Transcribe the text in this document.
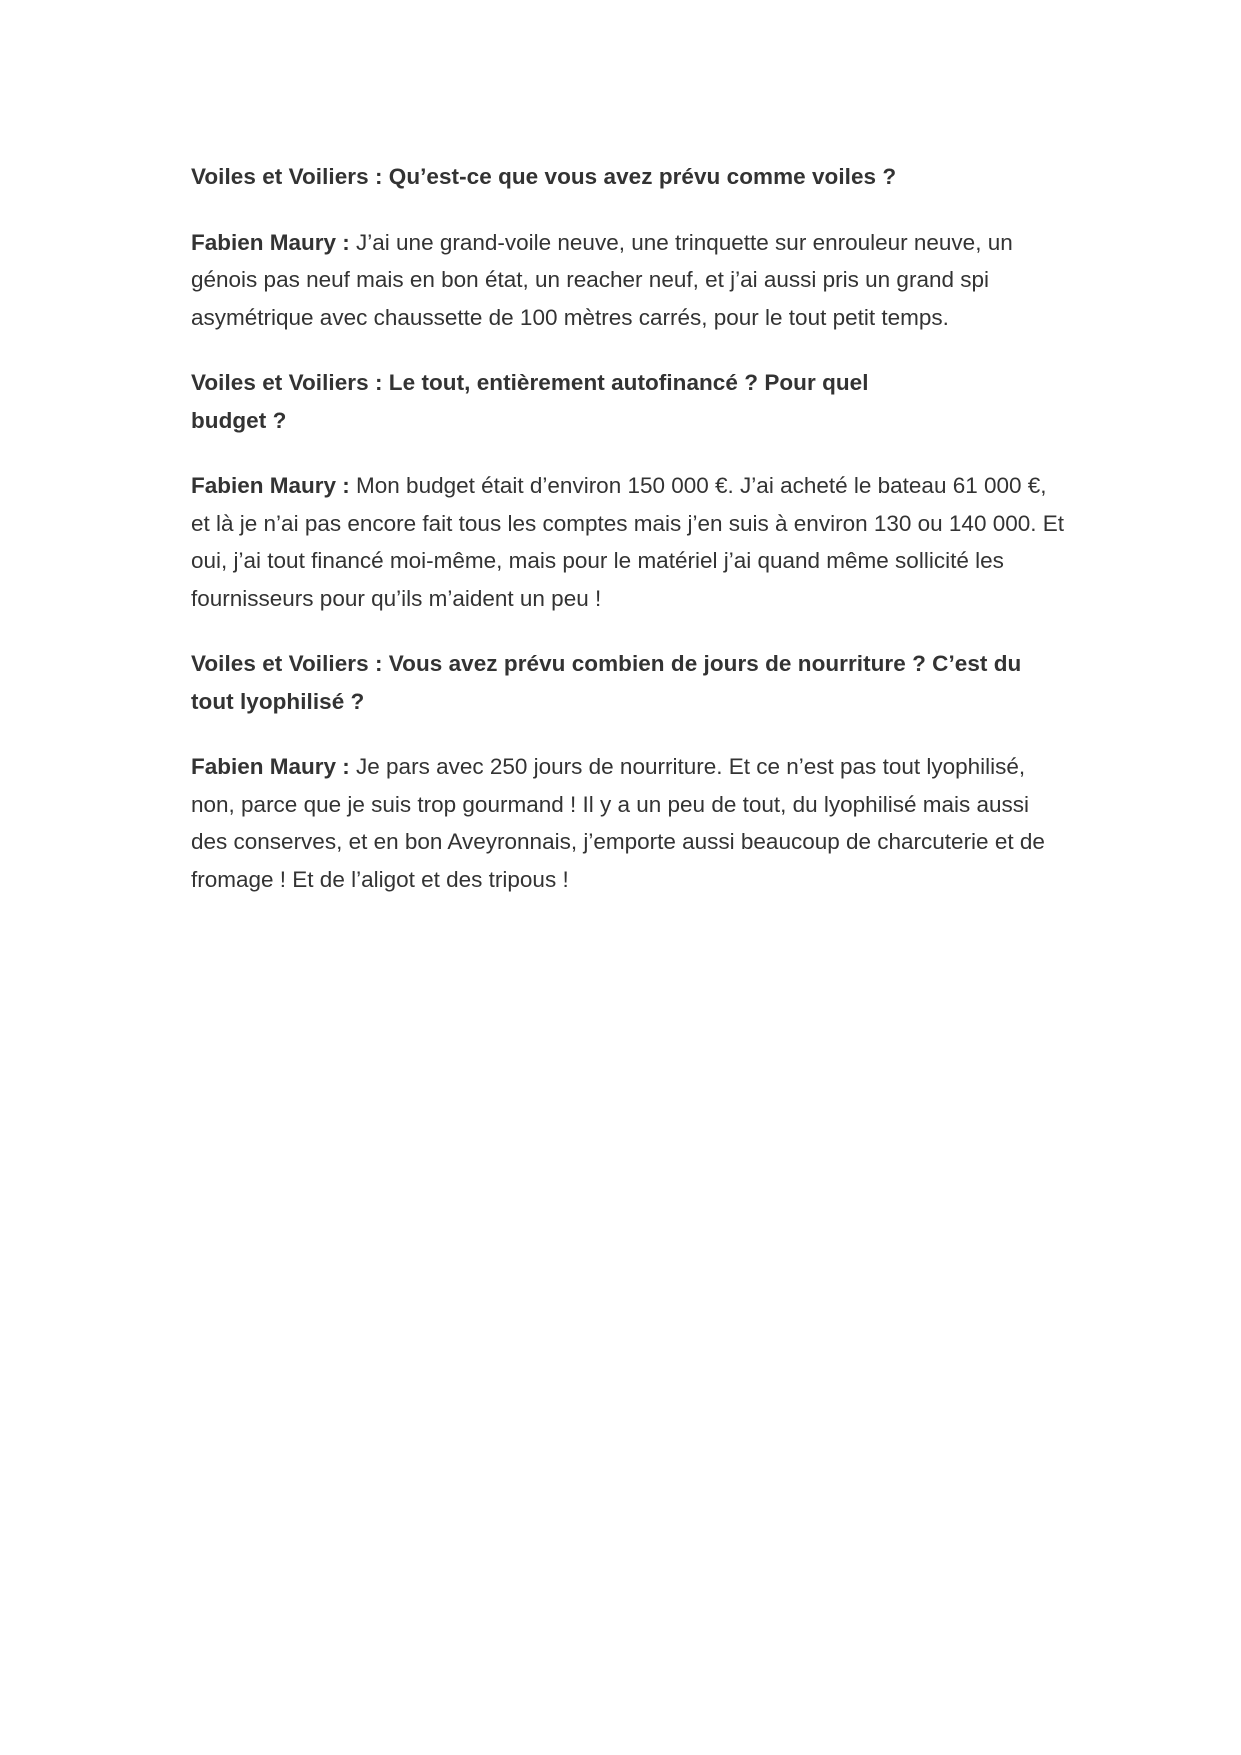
Voiles et Voiliers : Qu’est-ce que vous avez prévu comme voiles ?

Fabien Maury : J’ai une grand-voile neuve, une trinquette sur enrouleur neuve, un génois pas neuf mais en bon état, un reacher neuf, et j’ai aussi pris un grand spi asymétrique avec chaussette de 100 mètres carrés, pour le tout petit temps.

Voiles et Voiliers : Le tout, entièrement autofinancé ? Pour quel budget ?

Fabien Maury : Mon budget était d’environ 150 000 €. J’ai acheté le bateau 61 000 €, et là je n’ai pas encore fait tous les comptes mais j’en suis à environ 130 ou 140 000. Et oui, j’ai tout financé moi-même, mais pour le matériel j’ai quand même sollicité les fournisseurs pour qu’ils m’aident un peu !

Voiles et Voiliers : Vous avez prévu combien de jours de nourriture ? C’est du tout lyophilisé ?

Fabien Maury : Je pars avec 250 jours de nourriture. Et ce n’est pas tout lyophilisé, non, parce que je suis trop gourmand ! Il y a un peu de tout, du lyophilisé mais aussi des conserves, et en bon Aveyronnais, j’emporte aussi beaucoup de charcuterie et de fromage ! Et de l’aligot et des tripous !
